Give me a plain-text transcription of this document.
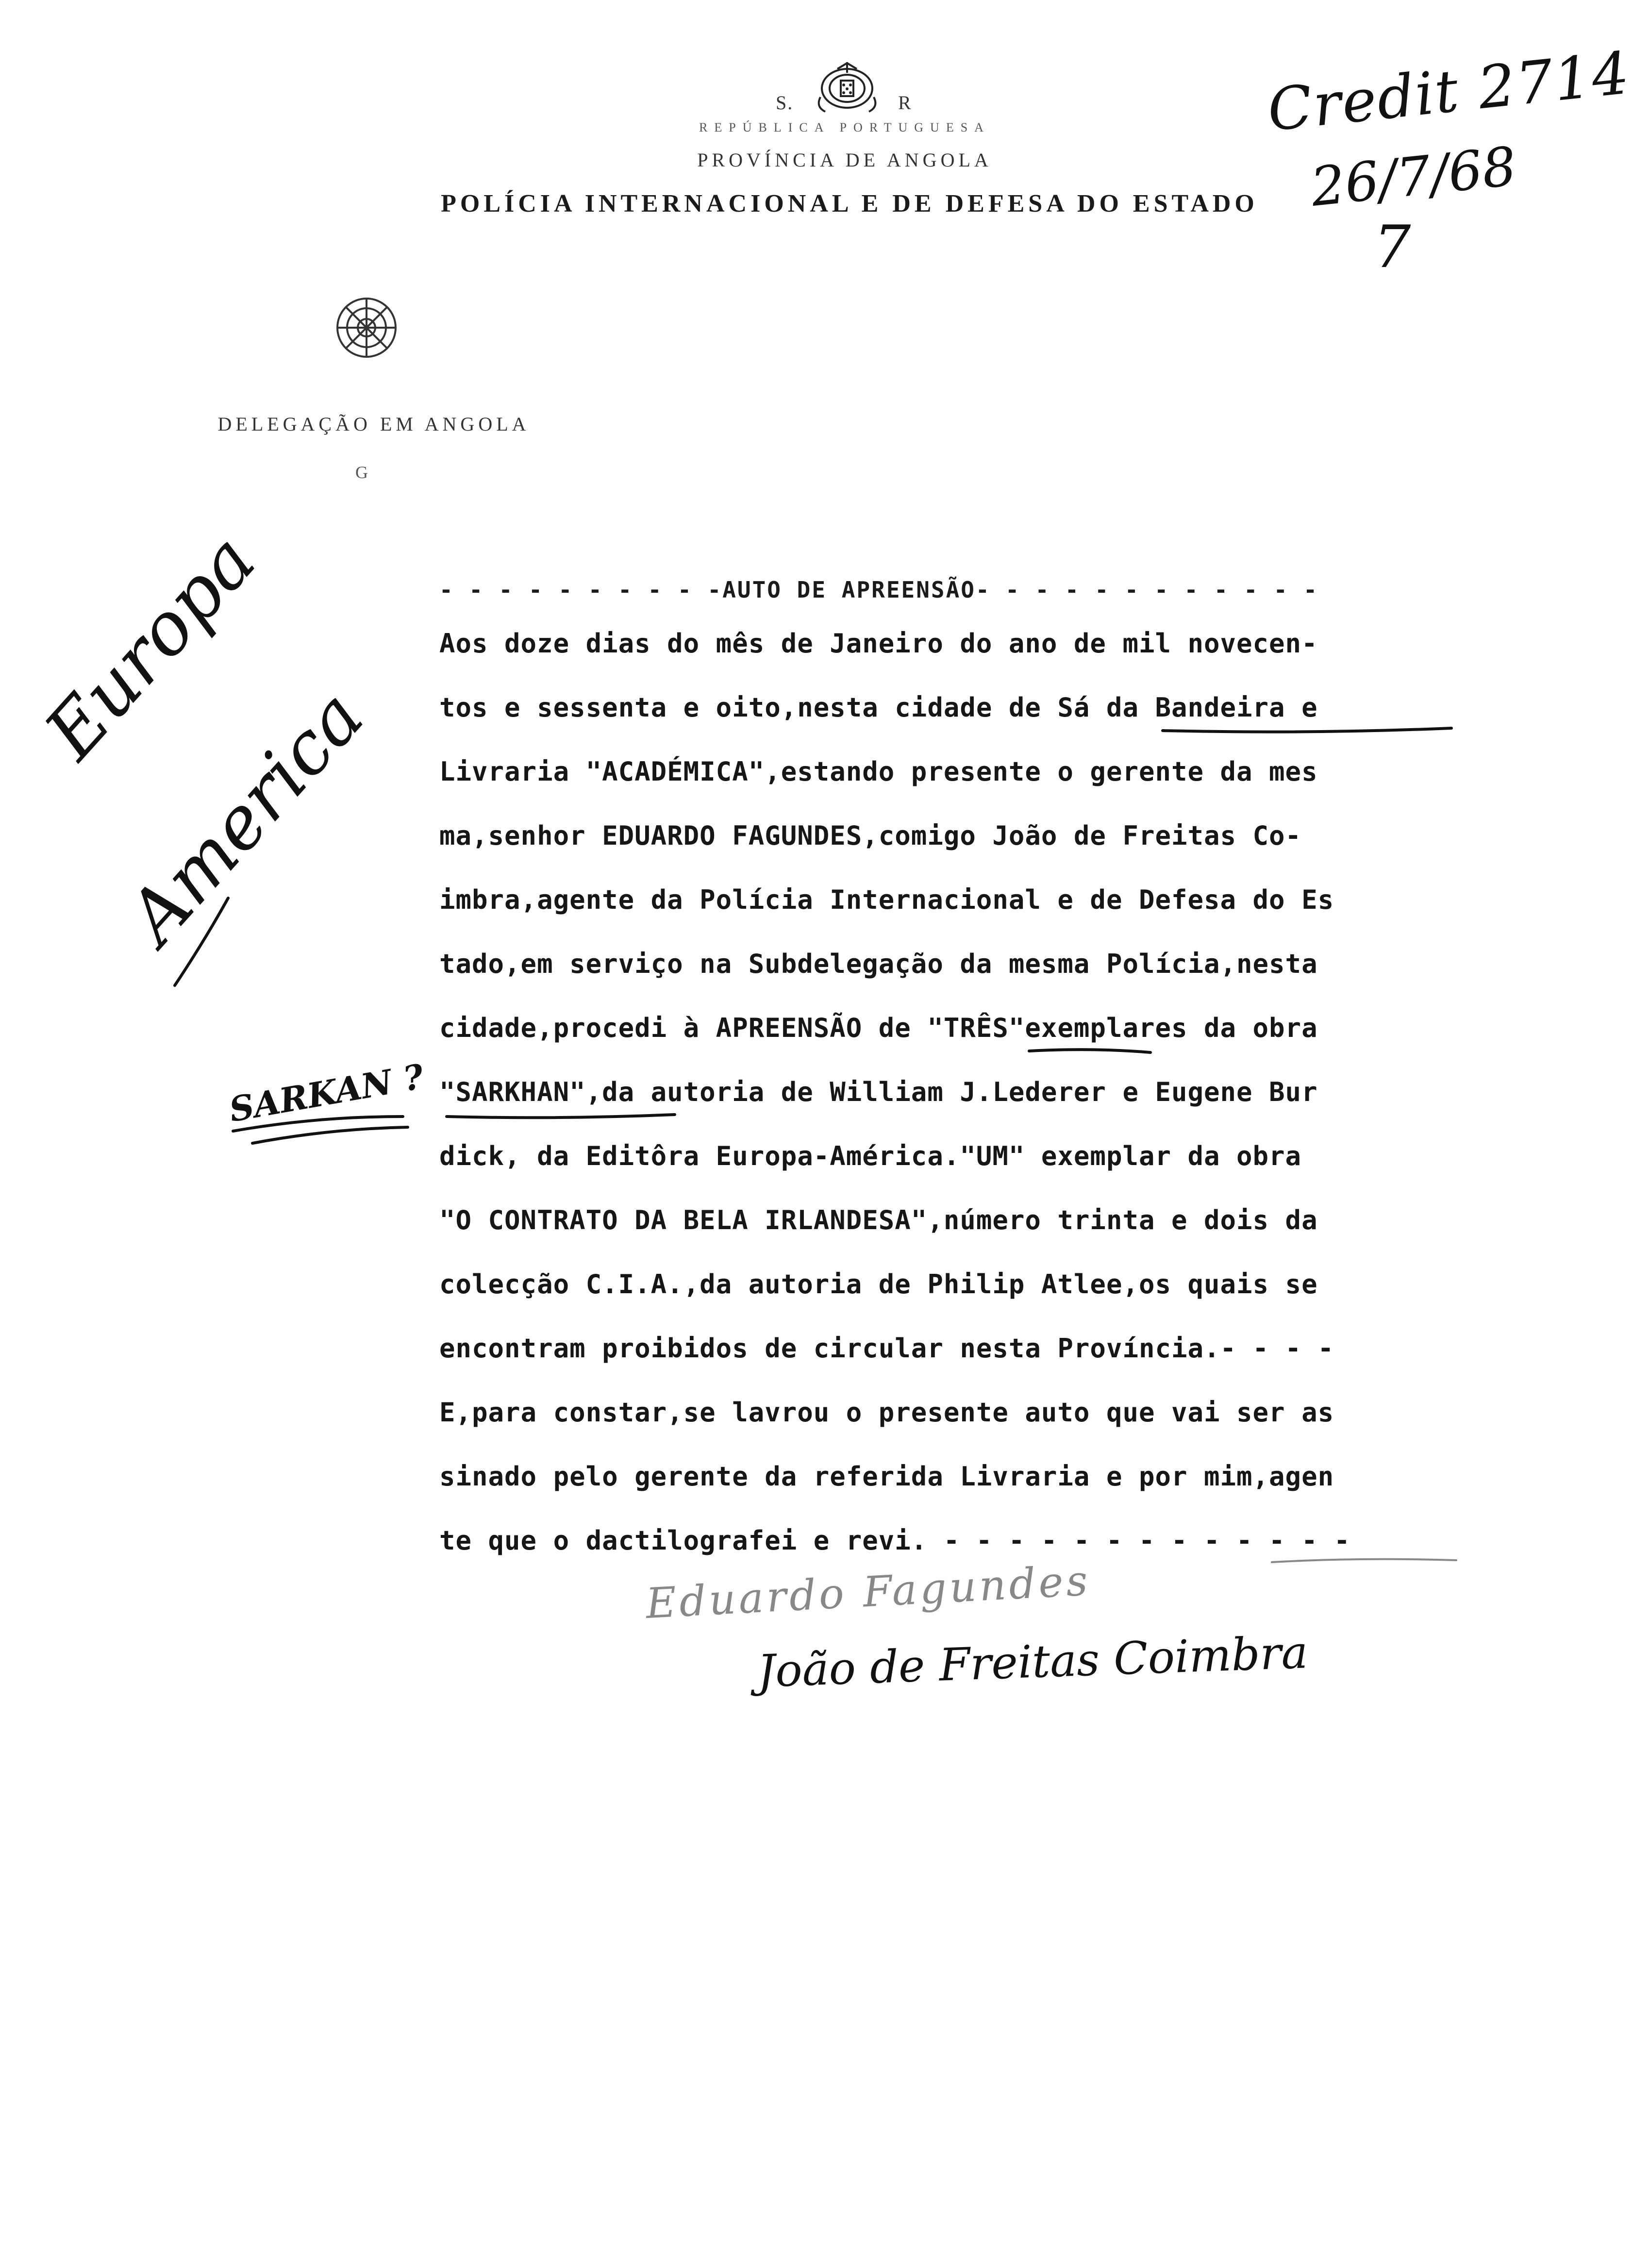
S.	R
REPÚBLICA PORTUGUESA
PROVÍNCIA DE ANGOLA
POLÍCIA INTERNACIONAL E DE DEFESA DO ESTADO
DELEGAÇÃO EM ANGOLA
G
Credit 2714
26/7/68
7
Europa
America
SARKAN ?
- - - - - - - - - -AUTO DE APREENSÃO- - - - - - - - - - - -
Aos doze dias do mês de Janeiro do ano de mil novecen-
tos e sessenta e oito,nesta cidade de Sá da Bandeira e
Livraria "ACADÉMICA",estando presente o gerente da mes
ma,senhor EDUARDO FAGUNDES,comigo João de Freitas Co-
imbra,agente da Polícia Internacional e de Defesa do Es
tado,em serviço na Subdelegação da mesma Polícia,nesta
cidade,procedi à APREENSÃO de "TRÊS"exemplares da obra
"SARKHAN",da autoria de William J.Lederer e Eugene Bur
dick, da Editôra Europa-América."UM" exemplar da obra
"O CONTRATO DA BELA IRLANDESA",número trinta e dois da
colecção C.I.A.,da autoria de Philip Atlee,os quais se
encontram proibidos de circular nesta Província.- - - -
E,para constar,se lavrou o presente auto que vai ser as
sinado pelo gerente da referida Livraria e por mim,agen
te que o dactilografei e revi. - - - - - - - - - - - - -
Eduardo Fagundes
João de Freitas Coimbra
